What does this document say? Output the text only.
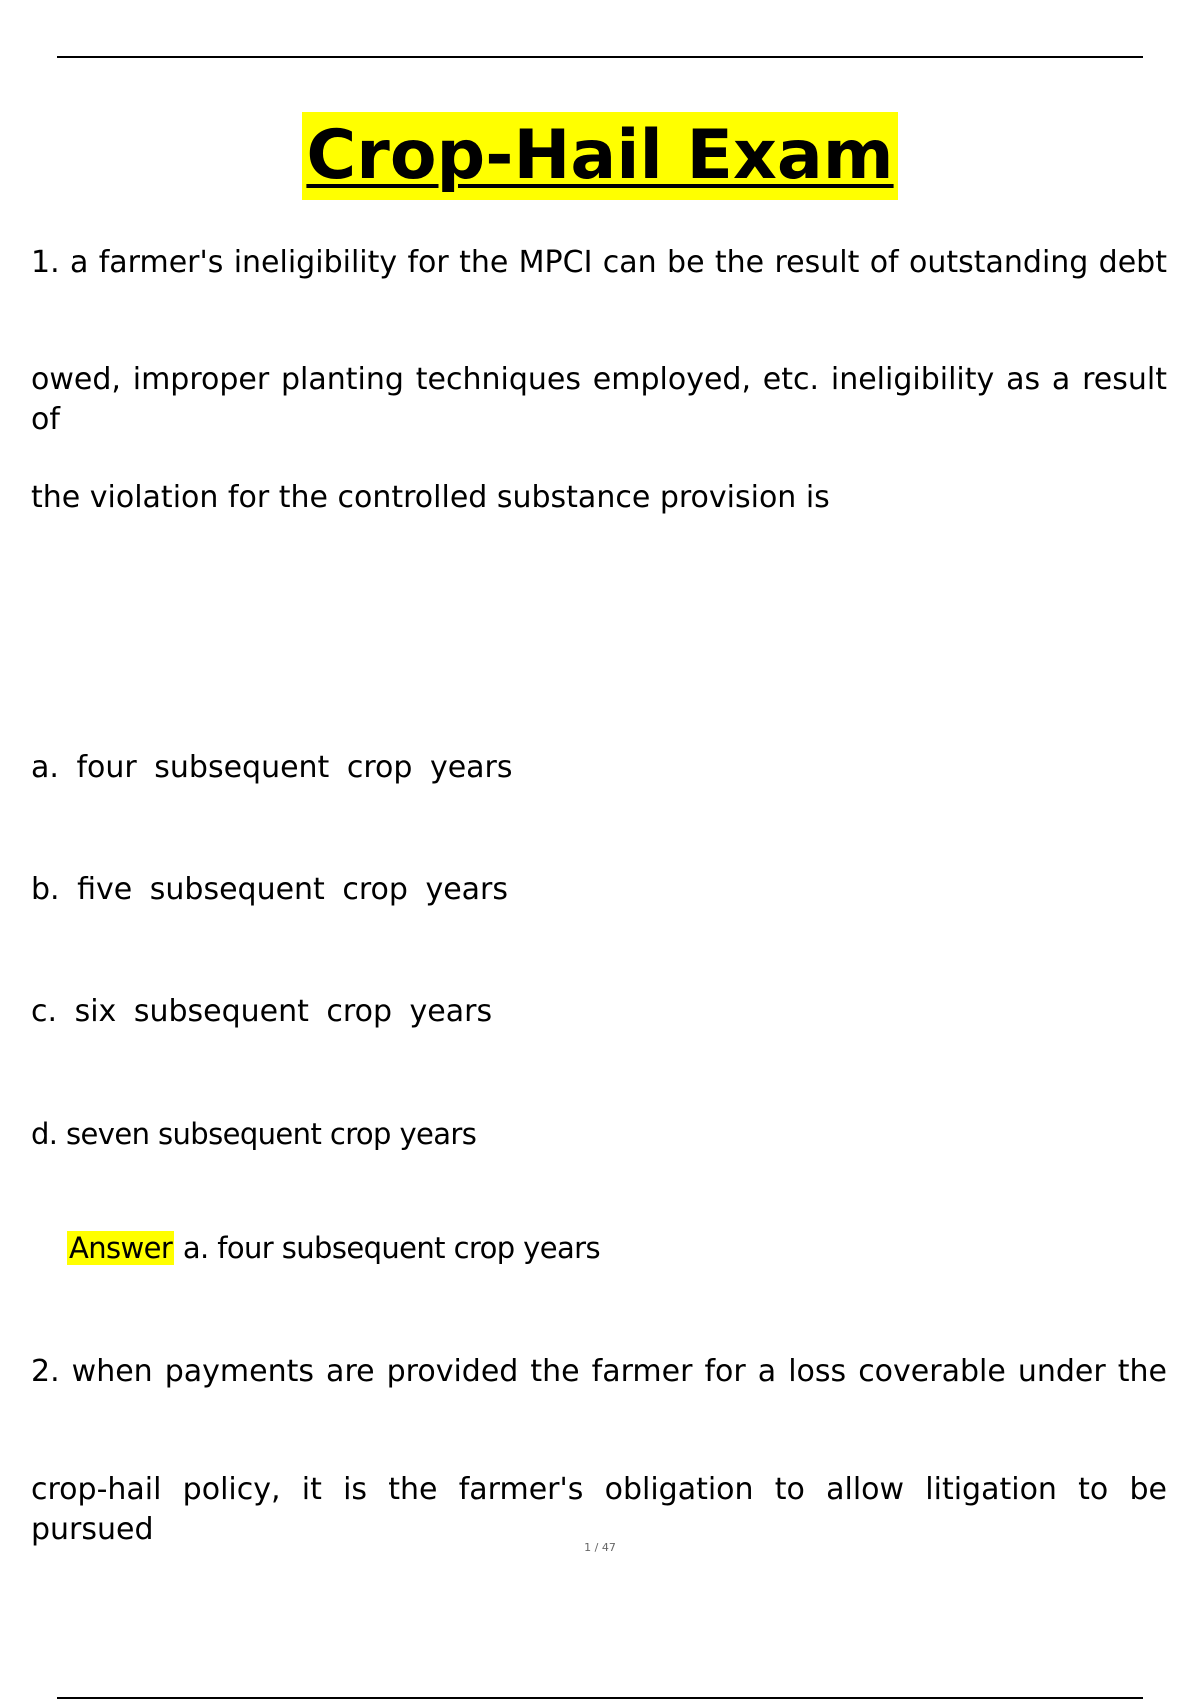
Crop-Hail Exam
1. a farmer's ineligibility for the MPCI can be the result of outstanding debt
owed, improper planting techniques employed, etc. ineligibility as a result of
the violation for the controlled substance provision is
a. four subsequent crop years
b. five subsequent crop years
c. six subsequent crop years
d. seven subsequent crop years
Answer a. four subsequent crop years
2. when payments are provided the farmer for a loss coverable under the
crop-hail policy, it is the farmer's obligation to allow litigation to be pursued
1 / 47
